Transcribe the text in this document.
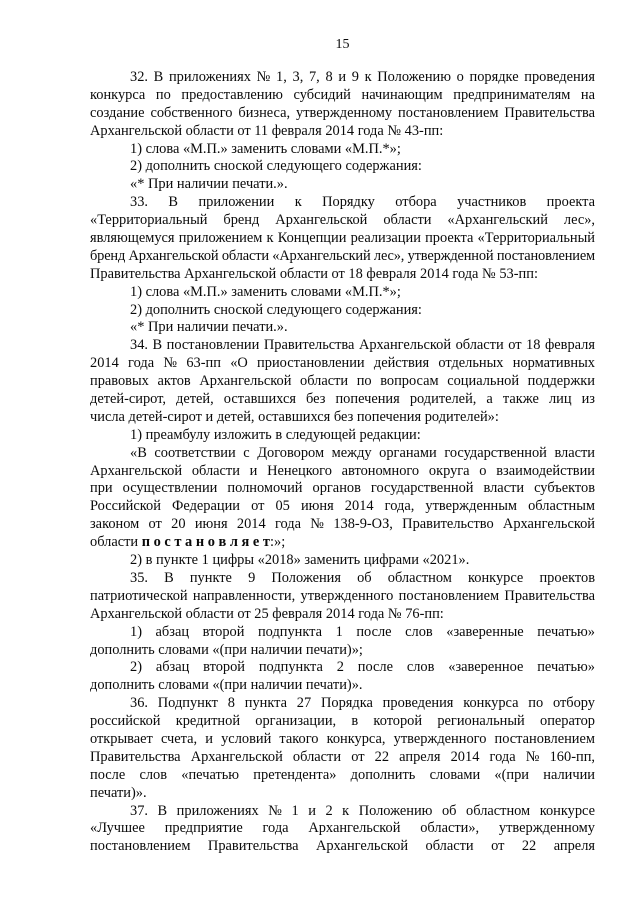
15
32. В приложениях № 1, 3, 7, 8 и 9 к Положению о порядке проведения
конкурса по предоставлению субсидий начинающим предпринимателям на
создание собственного бизнеса, утвержденному постановлением Правительства
Архангельской области от 11 февраля 2014 года № 43-пп:
1) слова «М.П.» заменить словами «М.П.*»;
2) дополнить сноской следующего содержания:
«* При наличии печати.».
33. В приложении к Порядку отбора участников проекта
«Территориальный бренд Архангельской области «Архангельский лес»,
являющемуся приложением к Концепции реализации проекта «Территориальный
бренд Архангельской области «Архангельский лес», утвержденной постановлением
Правительства Архангельской области от 18 февраля 2014 года № 53-пп:
1) слова «М.П.» заменить словами «М.П.*»;
2) дополнить сноской следующего содержания:
«* При наличии печати.».
34. В постановлении Правительства Архангельской области от 18 февраля
2014 года № 63-пп «О приостановлении действия отдельных нормативных
правовых актов Архангельской области по вопросам социальной поддержки
детей-сирот, детей, оставшихся без попечения родителей, а также лиц из
числа детей-сирот и детей, оставшихся без попечения родителей»:
1) преамбулу изложить в следующей редакции:
«В соответствии с Договором между органами государственной власти
Архангельской области и Ненецкого автономного округа о взаимодействии
при осуществлении полномочий органов государственной власти субъектов
Российской Федерации от 05 июня 2014 года, утвержденным областным
законом от 20 июня 2014 года № 138-9-ОЗ, Правительство Архангельской
области п о с т а н о в л я е т:»;
2) в пункте 1 цифры «2018» заменить цифрами «2021».
35. В пункте 9 Положения об областном конкурсе проектов
патриотической направленности, утвержденного постановлением Правительства
Архангельской области от 25 февраля 2014 года № 76-пп:
1) абзац второй подпункта 1 после слов «заверенные печатью»
дополнить словами «(при наличии печати)»;
2) абзац второй подпункта 2 после слов «заверенное печатью»
дополнить словами «(при наличии печати)».
36. Подпункт 8 пункта 27 Порядка проведения конкурса по отбору
российской кредитной организации, в которой региональный оператор
открывает счета, и условий такого конкурса, утвержденного постановлением
Правительства Архангельской области от 22 апреля 2014 года № 160-пп,
после слов «печатью претендента» дополнить словами «(при наличии
печати)».
37. В приложениях № 1 и 2 к Положению об областном конкурсе
«Лучшее предприятие года Архангельской области», утвержденному
постановлением Правительства Архангельской области от 22 апреля
